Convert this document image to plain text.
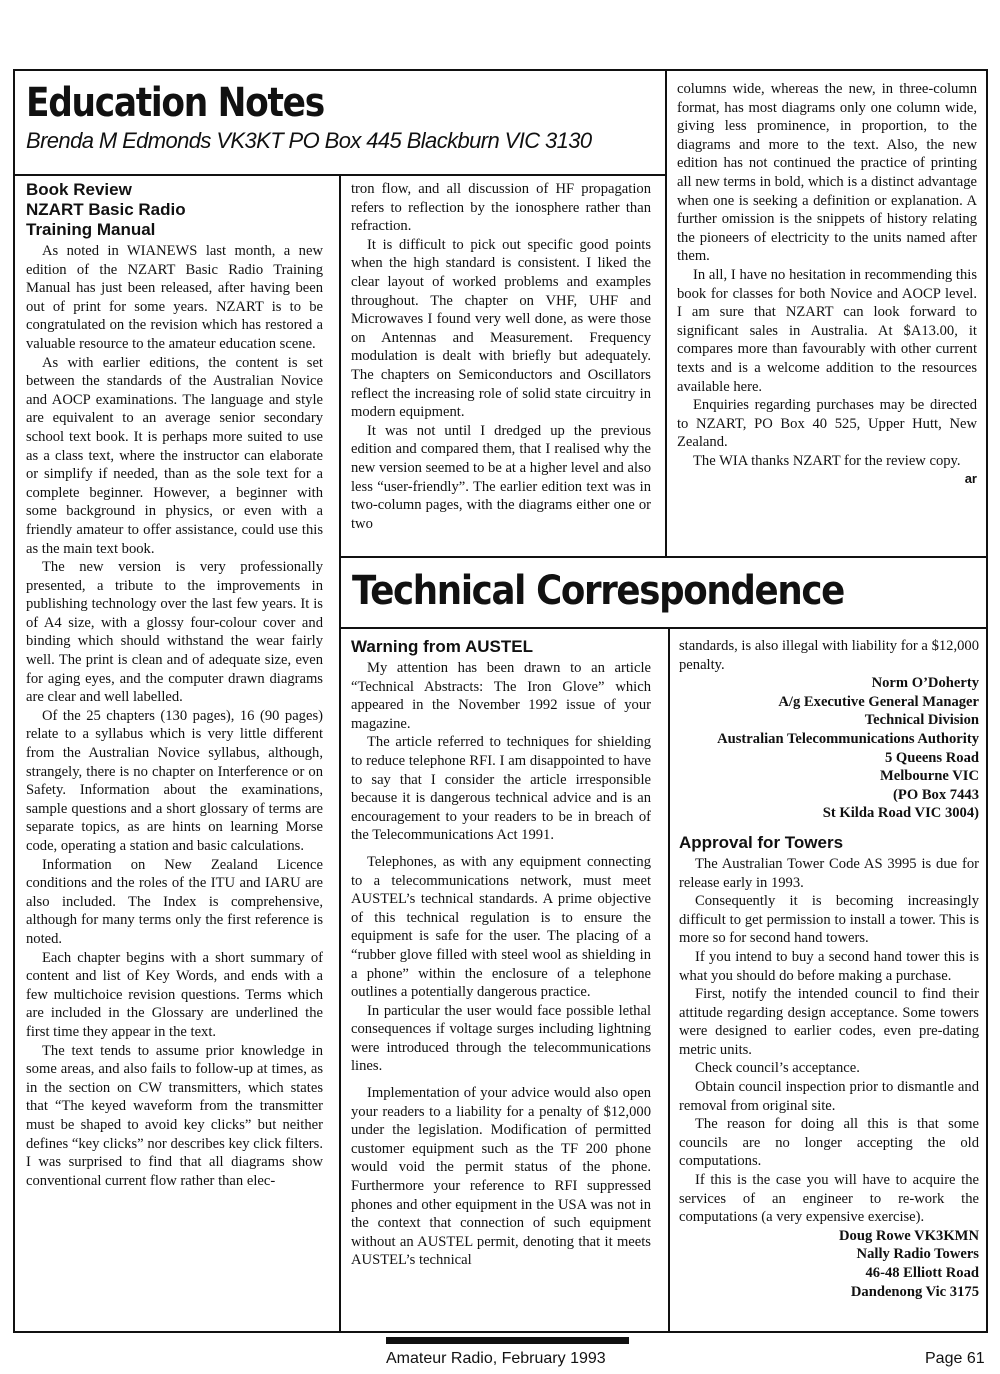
Education Notes
Brenda M Edmonds VK3KT PO Box 445 Blackburn VIC 3130
Book Review
NZART Basic Radio
Training Manual

As noted in WIANEWS last month, a new edition of the NZART Basic Radio Training Manual has just been released, after having been out of print for some years. NZART is to be congratulated on the revision which has restored a valuable resource to the amateur education scene.

As with earlier editions, the content is set between the standards of the Australian Novice and AOCP examinations. The language and style are equivalent to an average senior secondary school text book. It is perhaps more suited to use as a class text, where the instructor can elaborate or simplify if needed, than as the sole text for a complete beginner. However, a beginner with some background in physics, or even with a friendly amateur to offer assistance, could use this as the main text book.

The new version is very professionally presented, a tribute to the improvements in publishing technology over the last few years. It is of A4 size, with a glossy four-colour cover and binding which should withstand the wear fairly well. The print is clean and of adequate size, even for aging eyes, and the computer drawn diagrams are clear and well labelled.

Of the 25 chapters (130 pages), 16 (90 pages) relate to a syllabus which is very little different from the Australian Novice syllabus, although, strangely, there is no chapter on Interference or on Safety. Information about the examinations, sample questions and a short glossary of terms are separate topics, as are hints on learning Morse code, operating a station and basic calculations.

Information on New Zealand Licence conditions and the roles of the ITU and IARU are also included. The Index is comprehensive, although for many terms only the first reference is noted.

Each chapter begins with a short summary of content and list of Key Words, and ends with a few multichoice revision questions. Terms which are included in the Glossary are underlined the first time they appear in the text.

The text tends to assume prior knowledge in some areas, and also fails to follow-up at times, as in the section on CW transmitters, which states that “The keyed waveform from the transmitter must be shaped to avoid key clicks” but neither defines “key clicks” nor describes key click filters. I was surprised to find that all diagrams show conventional current flow rather than elec-

tron flow, and all discussion of HF propagation refers to reflection by the ionosphere rather than refraction.

It is difficult to pick out specific good points when the high standard is consistent. I liked the clear layout of worked problems and examples throughout. The chapter on VHF, UHF and Microwaves I found very well done, as were those on Antennas and Measurement. Frequency modulation is dealt with briefly but adequately. The chapters on Semiconductors and Oscillators reflect the increasing role of solid state circuitry in modern equipment.

It was not until I dredged up the previous edition and compared them, that I realised why the new version seemed to be at a higher level and also less “user-friendly”. The earlier edition text was in two-column pages, with the diagrams either one or two

columns wide, whereas the new, in three-column format, has most diagrams only one column wide, giving less prominence, in proportion, to the diagrams and more to the text. Also, the new edition has not continued the practice of printing all new terms in bold, which is a distinct advantage when one is seeking a definition or explanation. A further omission is the snippets of history relating the pioneers of electricity to the units named after them.

In all, I have no hesitation in recommending this book for classes for both Novice and AOCP level. I am sure that NZART can look forward to significant sales in Australia. At $A13.00, it compares more than favourably with other current texts and is a welcome addition to the resources available here.

Enquiries regarding purchases may be directed to NZART, PO Box 40 525, Upper Hutt, New Zealand.

The WIA thanks NZART for the review copy.

ar
Technical Correspondence
Warning from AUSTEL

My attention has been drawn to an article “Technical Abstracts: The Iron Glove” which appeared in the November 1992 issue of your magazine.

The article referred to techniques for shielding to reduce telephone RFI. I am disappointed to have to say that I consider the article irresponsible because it is dangerous technical advice and is an encouragement to your readers to be in breach of the Telecommunications Act 1991.

Telephones, as with any equipment connecting to a telecommunications network, must meet AUSTEL’s technical standards. A prime objective of this technical regulation is to ensure the equipment is safe for the user. The placing of a “rubber glove filled with steel wool as shielding in a phone” within the enclosure of a telephone outlines a potentially dangerous practice.

In particular the user would face possible lethal consequences if voltage surges including lightning were introduced through the telecommunications lines.

Implementation of your advice would also open your readers to a liability for a penalty of $12,000 under the legislation. Modification of permitted customer equipment such as the TF 200 phone would void the permit status of the phone. Furthermore your reference to RFI suppressed phones and other equipment in the USA was not in the context that connection of such equipment without an AUSTEL permit, denoting that it meets AUSTEL’s technical

standards, is also illegal with liability for a $12,000 penalty.

Norm O’Doherty

A/g Executive General Manager

Technical Division

Australian Telecommunications Authority

5 Queens Road

Melbourne VIC

(PO Box 7443

St Kilda Road VIC 3004)

Approval for Towers

The Australian Tower Code AS 3995 is due for release early in 1993.

Consequently it is becoming increasingly difficult to get permission to install a tower. This is more so for second hand towers.

If you intend to buy a second hand tower this is what you should do before making a purchase.

First, notify the intended council to find their attitude regarding design acceptance. Some towers were designed to earlier codes, even pre-dating metric units.

Check council’s acceptance.

Obtain council inspection prior to dismantle and removal from original site.

The reason for doing all this is that some councils are no longer accepting the old computations.

If this is the case you will have to acquire the services of an engineer to re-work the computations (a very expensive exercise).

Doug Rowe VK3KMN

Nally Radio Towers

46-48 Elliott Road

Dandenong Vic 3175

Amateur Radio, February 1993	Page 61
